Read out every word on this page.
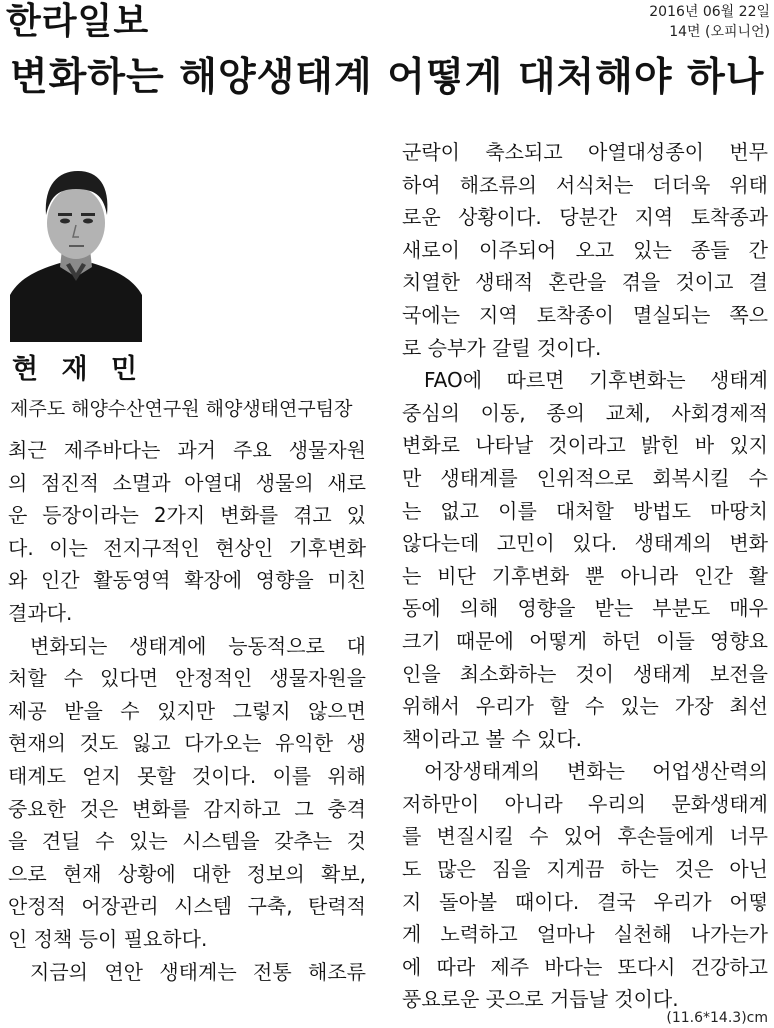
한라일보	2016년 06월 22일
14면 (오피니언)
변화하는 해양생태계 어떻게 대처해야 하나
현 재 민
제주도 해양수산연구원 해양생태연구팀장
최근 제주바다는 과거 주요 생물자원
의 점진적 소멸과 아열대 생물의 새로
운 등장이라는 2가지 변화를 겪고 있
다. 이는 전지구적인 현상인 기후변화
와 인간 활동영역 확장에 영향을 미친
결과다.
변화되는 생태계에 능동적으로 대
처할 수 있다면 안정적인 생물자원을
제공 받을 수 있지만 그렇지 않으면
현재의 것도 잃고 다가오는 유익한 생
태계도 얻지 못할 것이다. 이를 위해
중요한 것은 변화를 감지하고 그 충격
을 견딜 수 있는 시스템을 갖추는 것
으로 현재 상황에 대한 정보의 확보,
안정적 어장관리 시스템 구축, 탄력적
인 정책 등이 필요하다.
지금의 연안 생태계는 전통 해조류
군락이 축소되고 아열대성종이 번무
하여 해조류의 서식처는 더더욱 위태
로운 상황이다. 당분간 지역 토착종과
새로이 이주되어 오고 있는 종들 간
치열한 생태적 혼란을 겪을 것이고 결
국에는 지역 토착종이 멸실되는 쪽으
로 승부가 갈릴 것이다.
FAO에 따르면 기후변화는 생태계
중심의 이동, 종의 교체, 사회경제적
변화로 나타날 것이라고 밝힌 바 있지
만 생태계를 인위적으로 회복시킬 수
는 없고 이를 대처할 방법도 마땅치
않다는데 고민이 있다. 생태계의 변화
는 비단 기후변화 뿐 아니라 인간 활
동에 의해 영향을 받는 부분도 매우
크기 때문에 어떻게 하던 이들 영향요
인을 최소화하는 것이 생태계 보전을
위해서 우리가 할 수 있는 가장 최선
책이라고 볼 수 있다.
어장생태계의 변화는 어업생산력의
저하만이 아니라 우리의 문화생태계
를 변질시킬 수 있어 후손들에게 너무
도 많은 짐을 지게끔 하는 것은 아닌
지 돌아볼 때이다. 결국 우리가 어떻
게 노력하고 얼마나 실천해 나가는가
에 따라 제주 바다는 또다시 건강하고
풍요로운 곳으로 거듭날 것이다.
(11.6*14.3)cm
